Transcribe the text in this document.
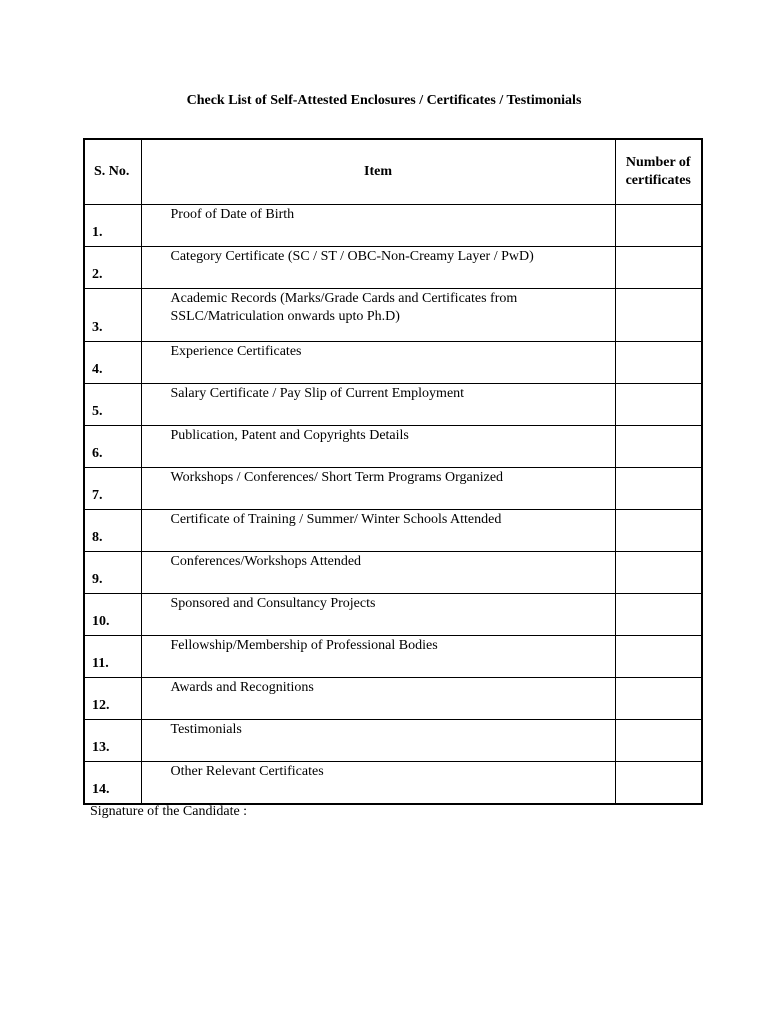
Check List of Self-Attested Enclosures / Certificates / Testimonials
S. No.	Item	Number of
certificates

1.	Proof of Date of Birth	

2.	Category Certificate (SC / ST / OBC-Non-Creamy Layer / PwD)	

3.	Academic Records (Marks/Grade Cards and Certificates from
SSLC/Matriculation onwards upto Ph.D)	

4.	Experience Certificates	

5.	Salary Certificate / Pay Slip of Current Employment	

6.	Publication, Patent and Copyrights Details	

7.	Workshops / Conferences/ Short Term Programs Organized	

8.	Certificate of Training / Summer/ Winter Schools Attended	

9.	Conferences/Workshops Attended	

10.	Sponsored and Consultancy Projects	

11.	Fellowship/Membership of Professional Bodies	

12.	Awards and Recognitions	

13.	Testimonials	

14.	Other Relevant Certificates	

Signature of the Candidate :
